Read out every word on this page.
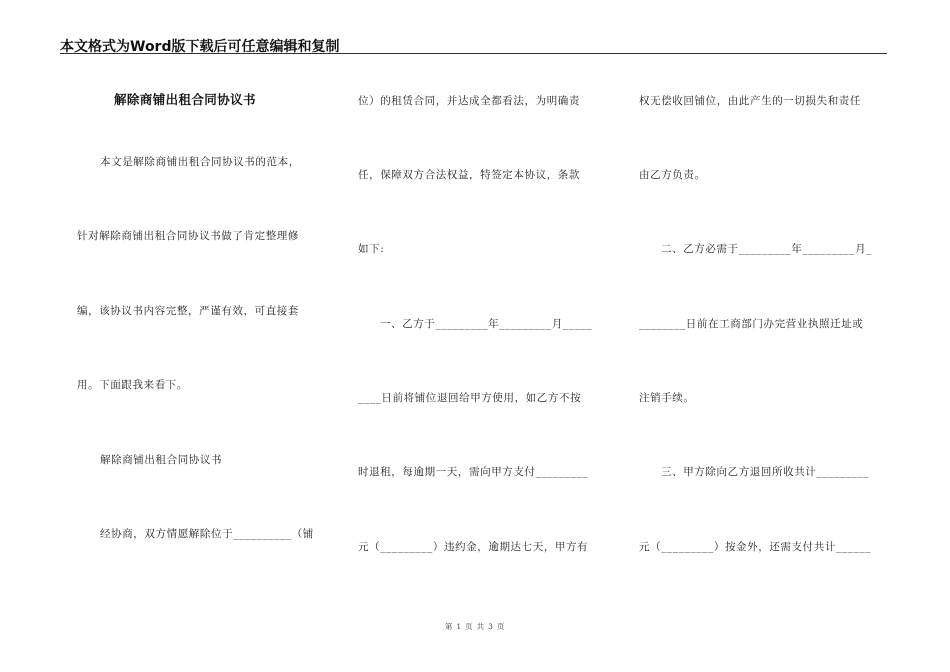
本文格式为Word版下载后可任意编辑和复制
解除商铺出租合同协议书
本文是解除商铺出租合同协议书的范本，
针对解除商铺出租合同协议书做了肯定整理修
编，该协议书内容完整，严谨有效，可直接套
用。下面跟我来看下。
解除商铺出租合同协议书
经协商，双方情愿解除位于__________（铺
位）的租赁合同，并达成全都看法，为明确责
任，保障双方合法权益，特签定本协议，条款
如下:
一、乙方于_________年_________月_____
____日前将铺位退回给甲方使用，如乙方不按
时退租，每逾期一天，需向甲方支付_________
元（_________）违约金，逾期达七天，甲方有
权无偿收回铺位，由此产生的一切损失和责任
由乙方负责。
二、乙方必需于_________年_________月_
________日前在工商部门办完营业执照迁址或
注销手续。
三、甲方除向乙方退回所收共计_________
元（_________）按金外，还需支付共计______
第 1 页 共 3 页
